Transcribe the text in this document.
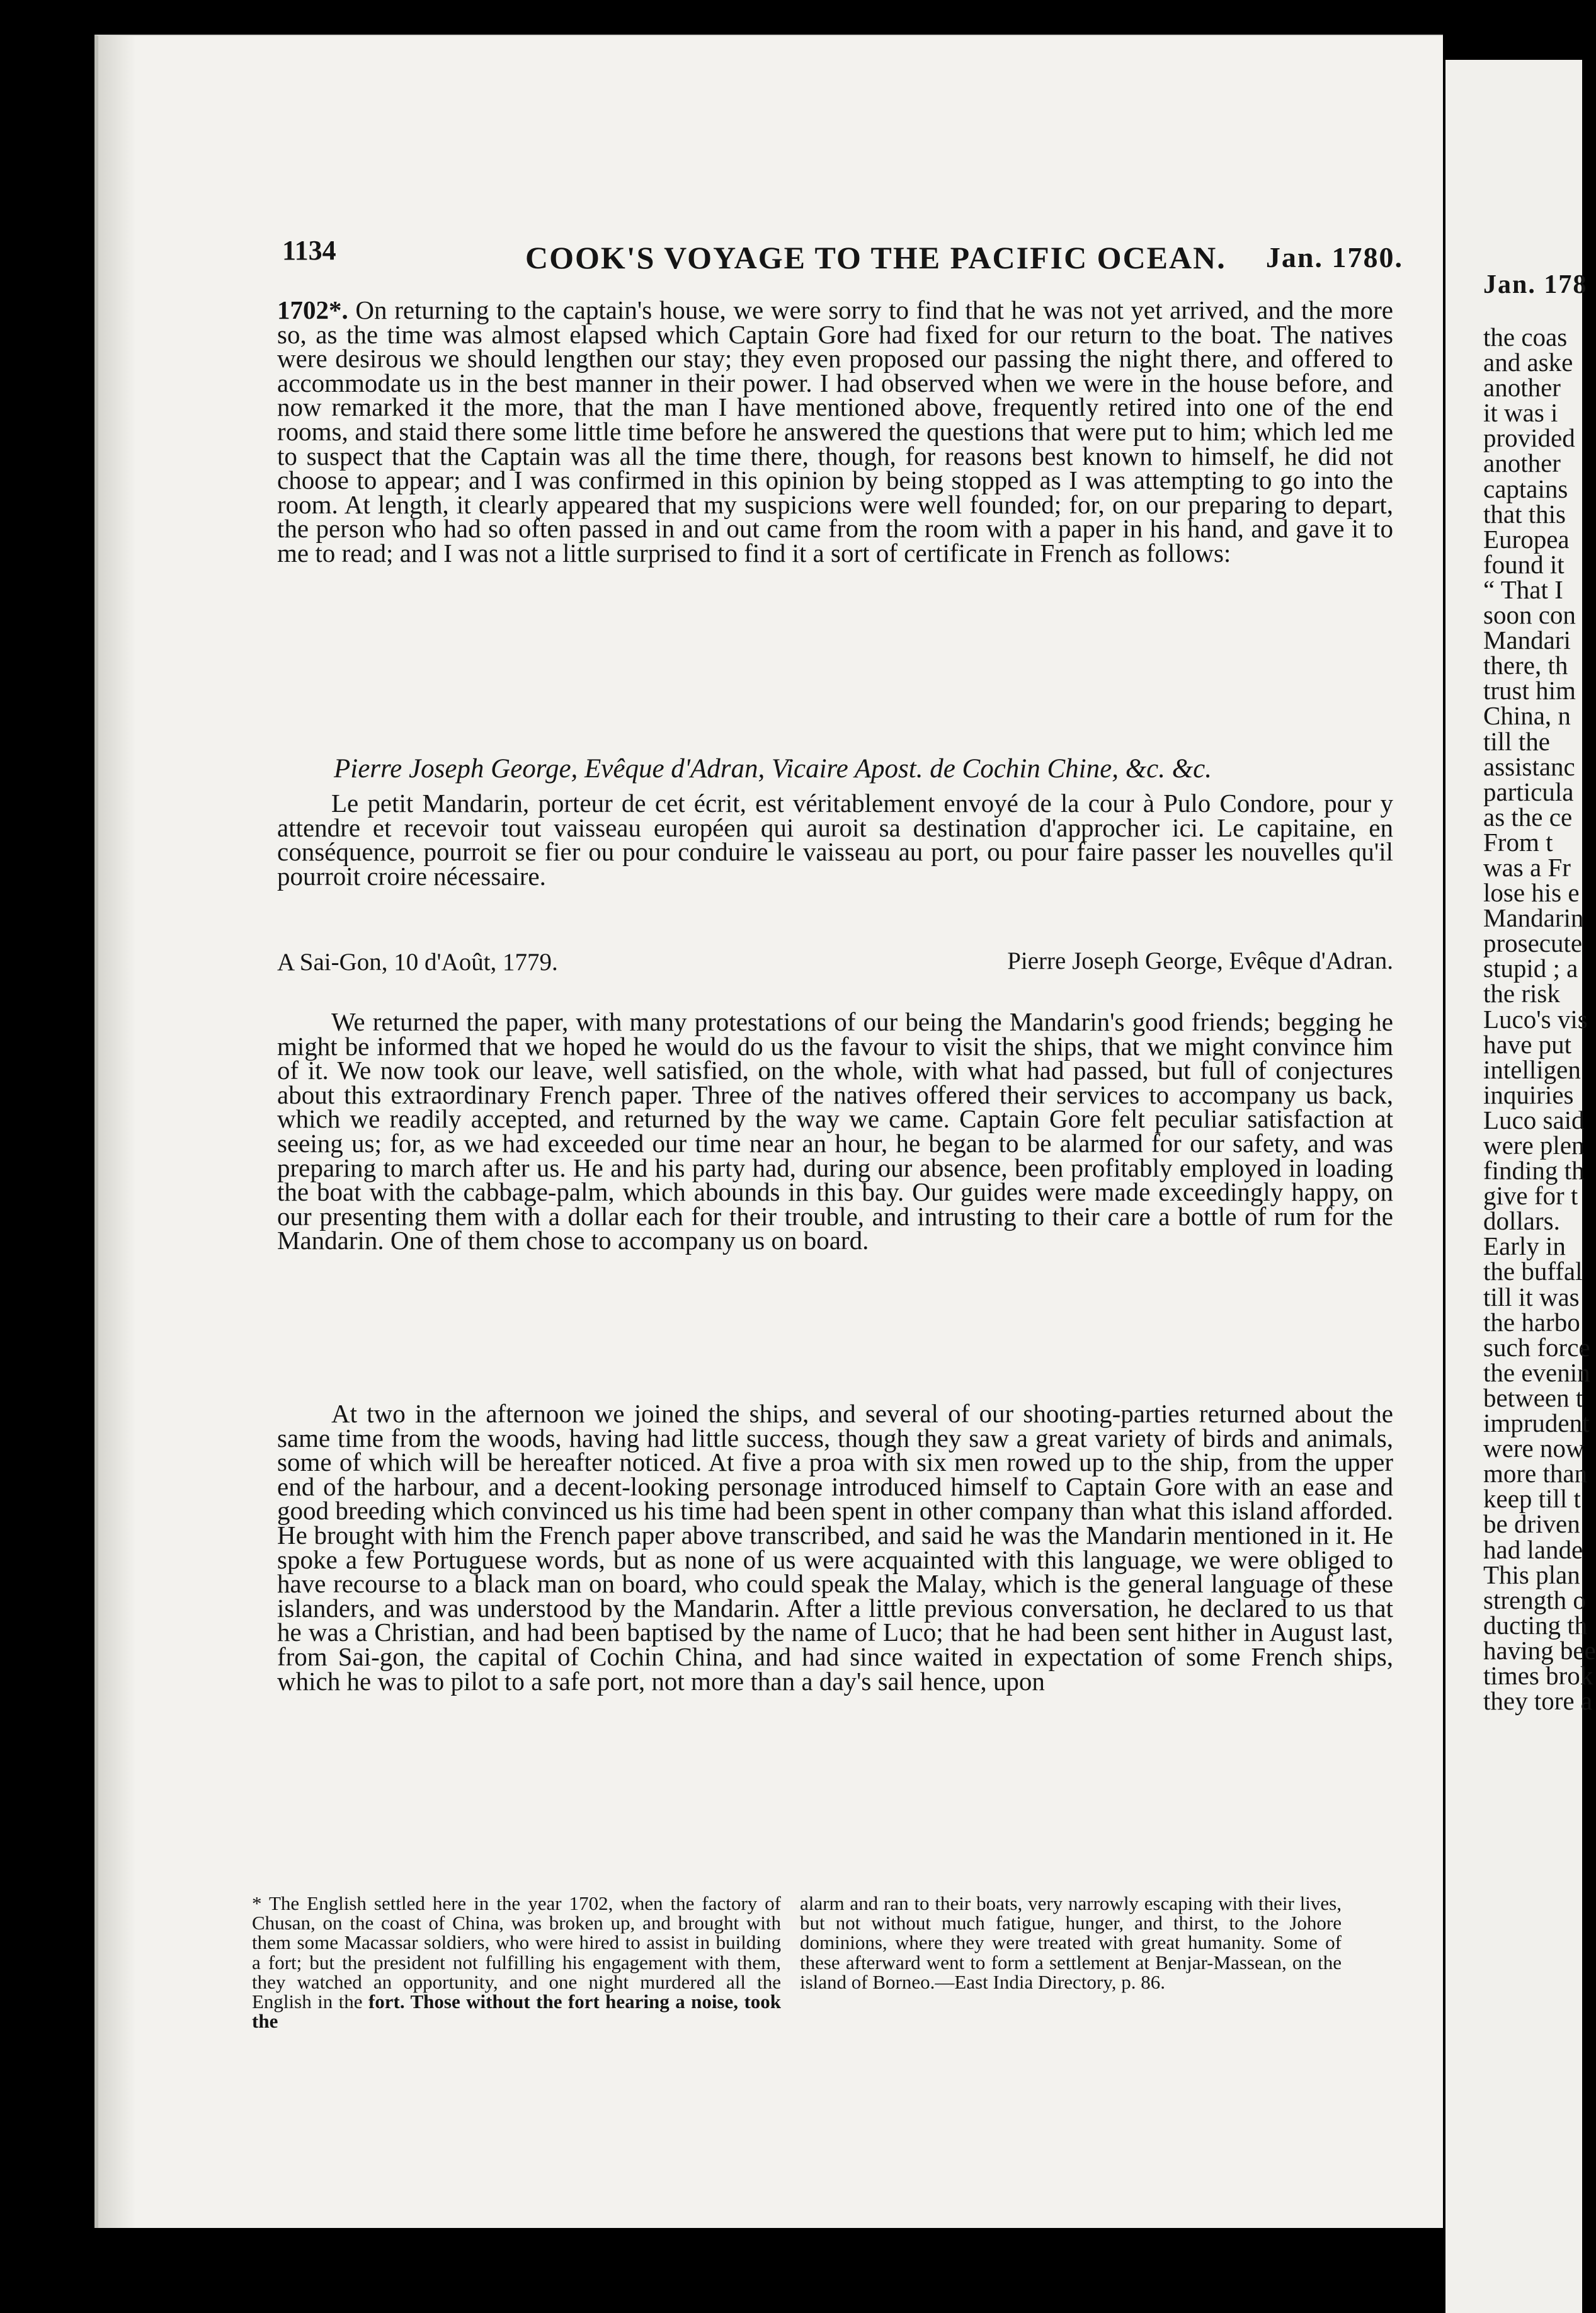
Jan. 178
the coas
and aske
another
it was i
provided
another
captains
that this
Europea
found it
“ That I
soon con
Mandari
there, th
trust him
China, n
till the
assistanc
particula
as the ce
From t
was a Fr
lose his e
Mandarin
prosecute
stupid ; a
the risk
Luco's vis
have put
intelligen
inquiries
Luco said
were plen
finding th
give for t
dollars.
Early in
the buffal
till it was
the harbo
such force
the evenin
between t
imprudent
were now
more than
keep till t
be driven
had lande
This plan
strength o
ducting th
having bee
times brok
they tore a
1134	COOK'S VOYAGE TO THE PACIFIC OCEAN. Jan. 1780.

1702*. On returning to the captain's house, we were sorry to find that he was not yet arrived, and the more so, as the time was almost elapsed which Captain Gore had fixed for our return to the boat. The natives were desirous we should lengthen our stay; they even proposed our passing the night there, and offered to accommodate us in the best manner in their power. I had observed when we were in the house before, and now remarked it the more, that the man I have mentioned above, frequently retired into one of the end rooms, and staid there some little time before he answered the questions that were put to him; which led me to suspect that the Captain was all the time there, though, for reasons best known to himself, he did not choose to appear; and I was confirmed in this opinion by being stopped as I was attempting to go into the room. At length, it clearly appeared that my suspicions were well founded; for, on our preparing to depart, the person who had so often passed in and out came from the room with a paper in his hand, and gave it to me to read; and I was not a little surprised to find it a sort of certificate in French as follows:

Pierre Joseph George, Evêque d'Adran, Vicaire Apost. de Cochin Chine, &c. &c.

Le petit Mandarin, porteur de cet écrit, est véritablement envoyé de la cour à Pulo Condore, pour y attendre et recevoir tout vaisseau européen qui auroit sa destination d'approcher ici. Le capitaine, en conséquence, pourroit se fier ou pour conduire le vaisseau au port, ou pour faire passer les nouvelles qu'il pourroit croire nécessaire.

A Sai-Gon, 10 d'Août, 1779.	Pierre Joseph George, Evêque d'Adran.

We returned the paper, with many protestations of our being the Mandarin's good friends; begging he might be informed that we hoped he would do us the favour to visit the ships, that we might convince him of it. We now took our leave, well satisfied, on the whole, with what had passed, but full of conjectures about this extraordinary French paper. Three of the natives offered their services to accompany us back, which we readily accepted, and returned by the way we came. Captain Gore felt peculiar satisfaction at seeing us; for, as we had exceeded our time near an hour, he began to be alarmed for our safety, and was preparing to march after us. He and his party had, during our absence, been profitably employed in loading the boat with the cabbage-palm, which abounds in this bay. Our guides were made exceedingly happy, on our presenting them with a dollar each for their trouble, and intrusting to their care a bottle of rum for the Mandarin. One of them chose to accompany us on board.

At two in the afternoon we joined the ships, and several of our shooting-parties returned about the same time from the woods, having had little success, though they saw a great variety of birds and animals, some of which will be hereafter noticed. At five a proa with six men rowed up to the ship, from the upper end of the harbour, and a decent-looking personage introduced himself to Captain Gore with an ease and good breeding which convinced us his time had been spent in other company than what this island afforded. He brought with him the French paper above transcribed, and said he was the Mandarin mentioned in it. He spoke a few Portuguese words, but as none of us were acquainted with this language, we were obliged to have recourse to a black man on board, who could speak the Malay, which is the general language of these islanders, and was understood by the Mandarin. After a little previous conversation, he declared to us that he was a Christian, and had been baptised by the name of Luco; that he had been sent hither in August last, from Sai-gon, the capital of Cochin China, and had since waited in expectation of some French ships, which he was to pilot to a safe port, not more than a day's sail hence, upon

* The English settled here in the year 1702, when the factory of Chusan, on the coast of China, was broken up, and brought with them some Macassar soldiers, who were hired to assist in building a fort; but the president not fulfilling his engagement with them, they watched an opportunity, and one night murdered all the English in the fort. Those without the fort hearing a noise, took the

alarm and ran to their boats, very narrowly escaping with their lives, but not without much fatigue, hunger, and thirst, to the Johore dominions, where they were treated with great humanity. Some of these afterward went to form a settlement at Benjar-Massean, on the island of Borneo.—East India Directory, p. 86.
